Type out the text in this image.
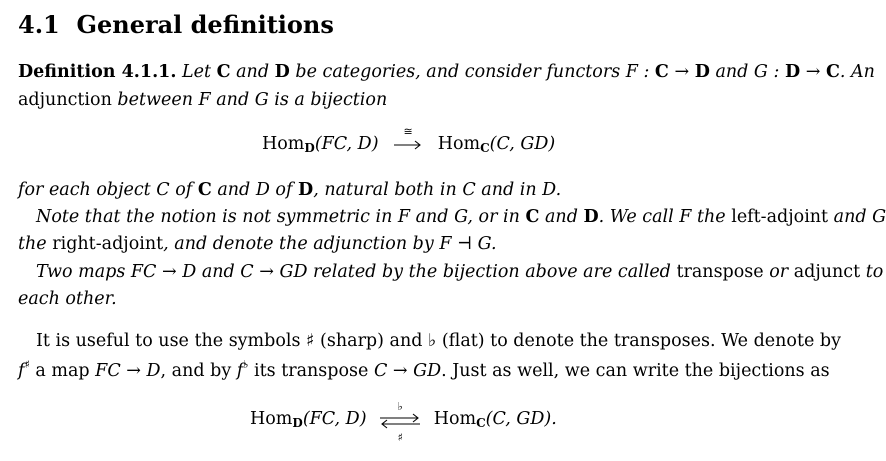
4.1 General definitions
Definition 4.1.1. Let C and D be categories, and consider functors F : C → D and G : D → C. An
adjunction between F and G is a bijection
Hom$_D$(FC, D)
≅
Hom$_C$(C, GD)
for each object C of C and D of D, natural both in C and in D.
Note that the notion is not symmetric in F and G, or in C and D. We call F the left-adjoint and G
the right-adjoint, and denote the adjunction by F ⊣ G.
Two maps FC → D and C → GD related by the bijection above are called transpose or adjunct to
each other.
It is useful to use the symbols ♯ (sharp) and ♭ (flat) to denote the transposes. We denote by
f♯ a map FC → D, and by f♭ its transpose C → GD. Just as well, we can write the bijections as
Hom$_D$(FC, D)
♭
♯
Hom$_C$(C, GD).
